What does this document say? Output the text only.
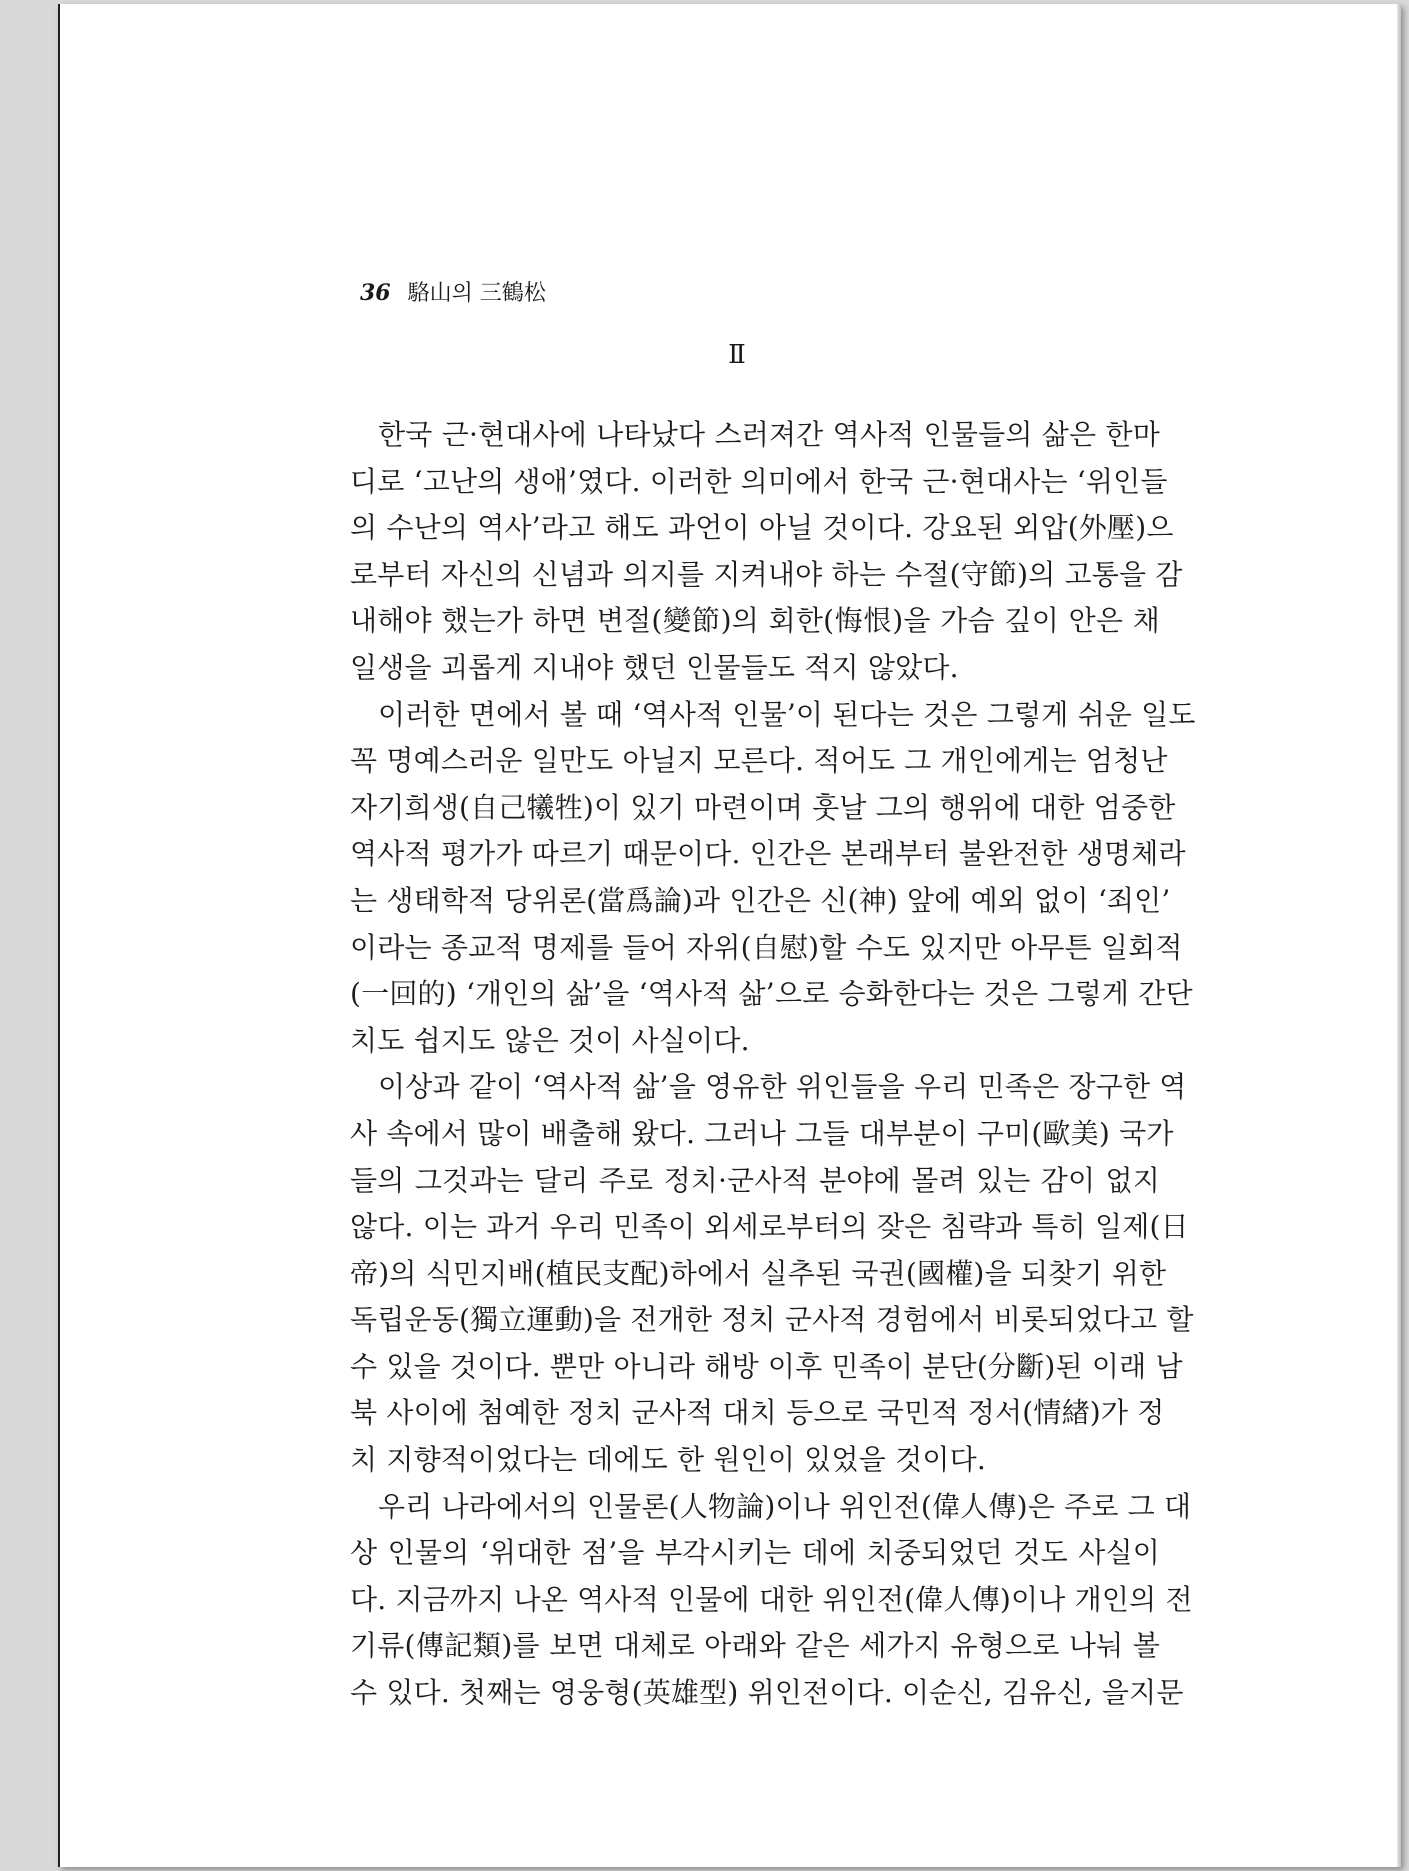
36 駱山의 三鶴松
Ⅱ
한국 근·현대사에 나타났다 스러져간 역사적 인물들의 삶은 한마
디로 ‘고난의 생애’였다. 이러한 의미에서 한국 근·현대사는 ‘위인들
의 수난의 역사’라고 해도 과언이 아닐 것이다. 강요된 외압(外壓)으
로부터 자신의 신념과 의지를 지켜내야 하는 수절(守節)의 고통을 감
내해야 했는가 하면 변절(變節)의 회한(悔恨)을 가슴 깊이 안은 채
일생을 괴롭게 지내야 했던 인물들도 적지 않았다.
이러한 면에서 볼 때 ‘역사적 인물’이 된다는 것은 그렇게 쉬운 일도
꼭 명예스러운 일만도 아닐지 모른다. 적어도 그 개인에게는 엄청난
자기희생(自己犧牲)이 있기 마련이며 훗날 그의 행위에 대한 엄중한
역사적 평가가 따르기 때문이다. 인간은 본래부터 불완전한 생명체라
는 생태학적 당위론(當爲論)과 인간은 신(神) 앞에 예외 없이 ‘죄인’
이라는 종교적 명제를 들어 자위(自慰)할 수도 있지만 아무튼 일회적
(一回的) ‘개인의 삶’을 ‘역사적 삶’으로 승화한다는 것은 그렇게 간단
치도 쉽지도 않은 것이 사실이다.
이상과 같이 ‘역사적 삶’을 영유한 위인들을 우리 민족은 장구한 역
사 속에서 많이 배출해 왔다. 그러나 그들 대부분이 구미(歐美) 국가
들의 그것과는 달리 주로 정치·군사적 분야에 몰려 있는 감이 없지
않다. 이는 과거 우리 민족이 외세로부터의 잦은 침략과 특히 일제(日
帝)의 식민지배(植民支配)하에서 실추된 국권(國權)을 되찾기 위한
독립운동(獨立運動)을 전개한 정치 군사적 경험에서 비롯되었다고 할
수 있을 것이다. 뿐만 아니라 해방 이후 민족이 분단(分斷)된 이래 남
북 사이에 첨예한 정치 군사적 대치 등으로 국민적 정서(情緖)가 정
치 지향적이었다는 데에도 한 원인이 있었을 것이다.
우리 나라에서의 인물론(人物論)이나 위인전(偉人傳)은 주로 그 대
상 인물의 ‘위대한 점’을 부각시키는 데에 치중되었던 것도 사실이
다. 지금까지 나온 역사적 인물에 대한 위인전(偉人傳)이나 개인의 전
기류(傳記類)를 보면 대체로 아래와 같은 세가지 유형으로 나눠 볼
수 있다. 첫째는 영웅형(英雄型) 위인전이다. 이순신, 김유신, 을지문
